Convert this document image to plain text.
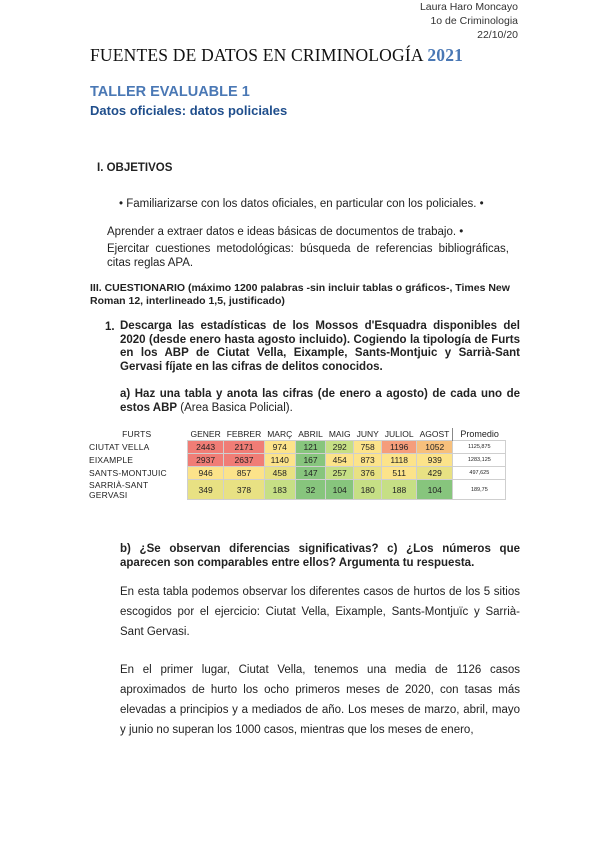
Laura Haro Moncayo
1o de Criminologia
22/10/20
FUENTES DE DATOS EN CRIMINOLOGÍA 2021
TALLER EVALUABLE 1
Datos oficiales: datos policiales
I. OBJETIVOS
• Familiarizarse con los datos oficiales, en particular con los policiales. •
Aprender a extraer datos e ideas básicas de documentos de trabajo. •
Ejercitar cuestiones metodológicas: búsqueda de referencias bibliográficas, citas reglas APA.
III. CUESTIONARIO (máximo 1200 palabras -sin incluir tablas o gráficos-, Times New Roman 12, interlineado 1,5, justificado)
1. Descarga las estadísticas de los Mossos d'Esquadra disponibles del 2020 (desde enero hasta agosto incluido). Cogiendo la tipología de Furts en los ABP de Ciutat Vella, Eixample, Sants-Montjuic y Sarrià-Sant Gervasi fíjate en las cifras de delitos conocidos.
a) Haz una tabla y anota las cifras (de enero a agosto) de cada uno de estos ABP (Area Basica Policial).
FURTS	GENER	FEBRER	MARÇ	ABRIL	MAIG	JUNY	JULIOL	AGOST	Promedio
CIUTAT VELLA	2443	2171	974	121	292	758	1196	1052	1125,875
EIXAMPLE	2937	2637	1140	167	454	873	1118	939	1283,125
SANTS-MONTJUIC	946	857	458	147	257	376	511	429	497,625
SARRIÀ-SANT GERVASI	349	378	183	32	104	180	188	104	189,75
b) ¿Se observan diferencias significativas? c) ¿Los números que aparecen son comparables entre ellos? Argumenta tu respuesta.
En esta tabla podemos observar los diferentes casos de hurtos de los 5 sitios escogidos por el ejercicio: Ciutat Vella, Eixample, Sants-Montjuïc y Sarrià-Sant Gervasi.
En el primer lugar, Ciutat Vella, tenemos una media de 1126 casos aproximados de hurto los ocho primeros meses de 2020, con tasas más elevadas a principios y a mediados de año. Los meses de marzo, abril, mayo y junio no superan los 1000 casos, mientras que los meses de enero,
